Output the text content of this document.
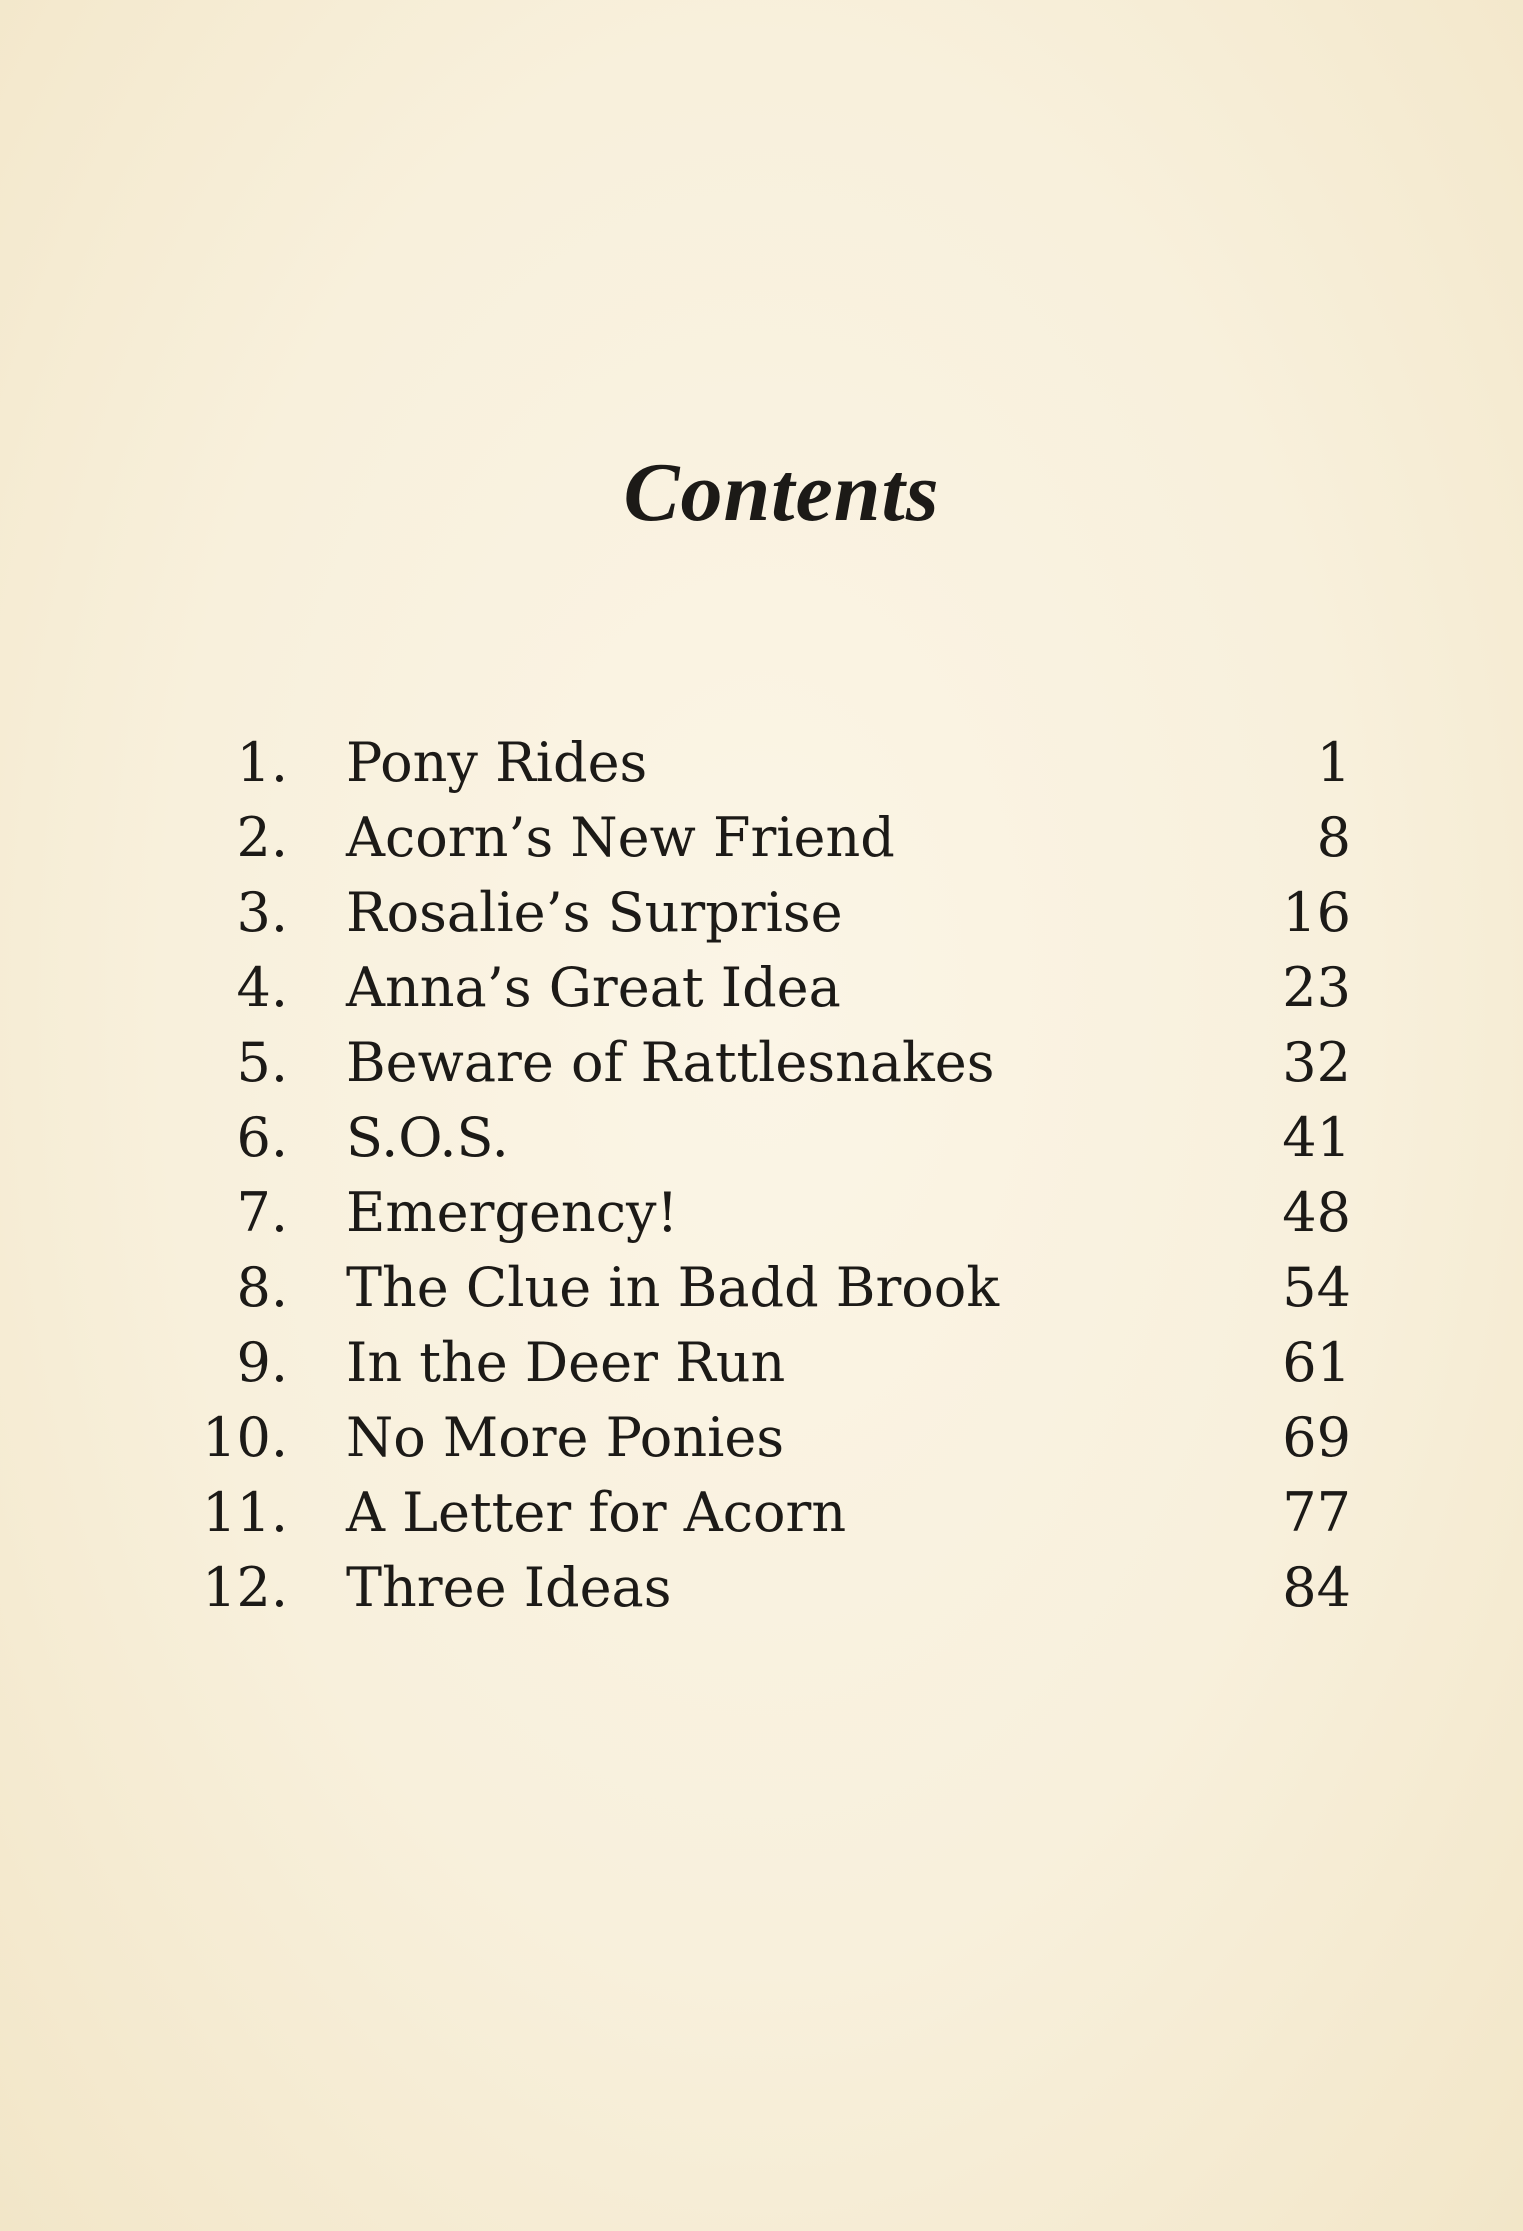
Contents
1. Pony Rides	1
2. Acorn’s New Friend	8
3. Rosalie’s Surprise	16
4. Anna’s Great Idea	23
5. Beware of Rattlesnakes	32
6. S.O.S.	41
7. Emergency!	48
8. The Clue in Badd Brook	54
9. In the Deer Run	61
10. No More Ponies	69
11. A Letter for Acorn	77
12. Three Ideas	84
